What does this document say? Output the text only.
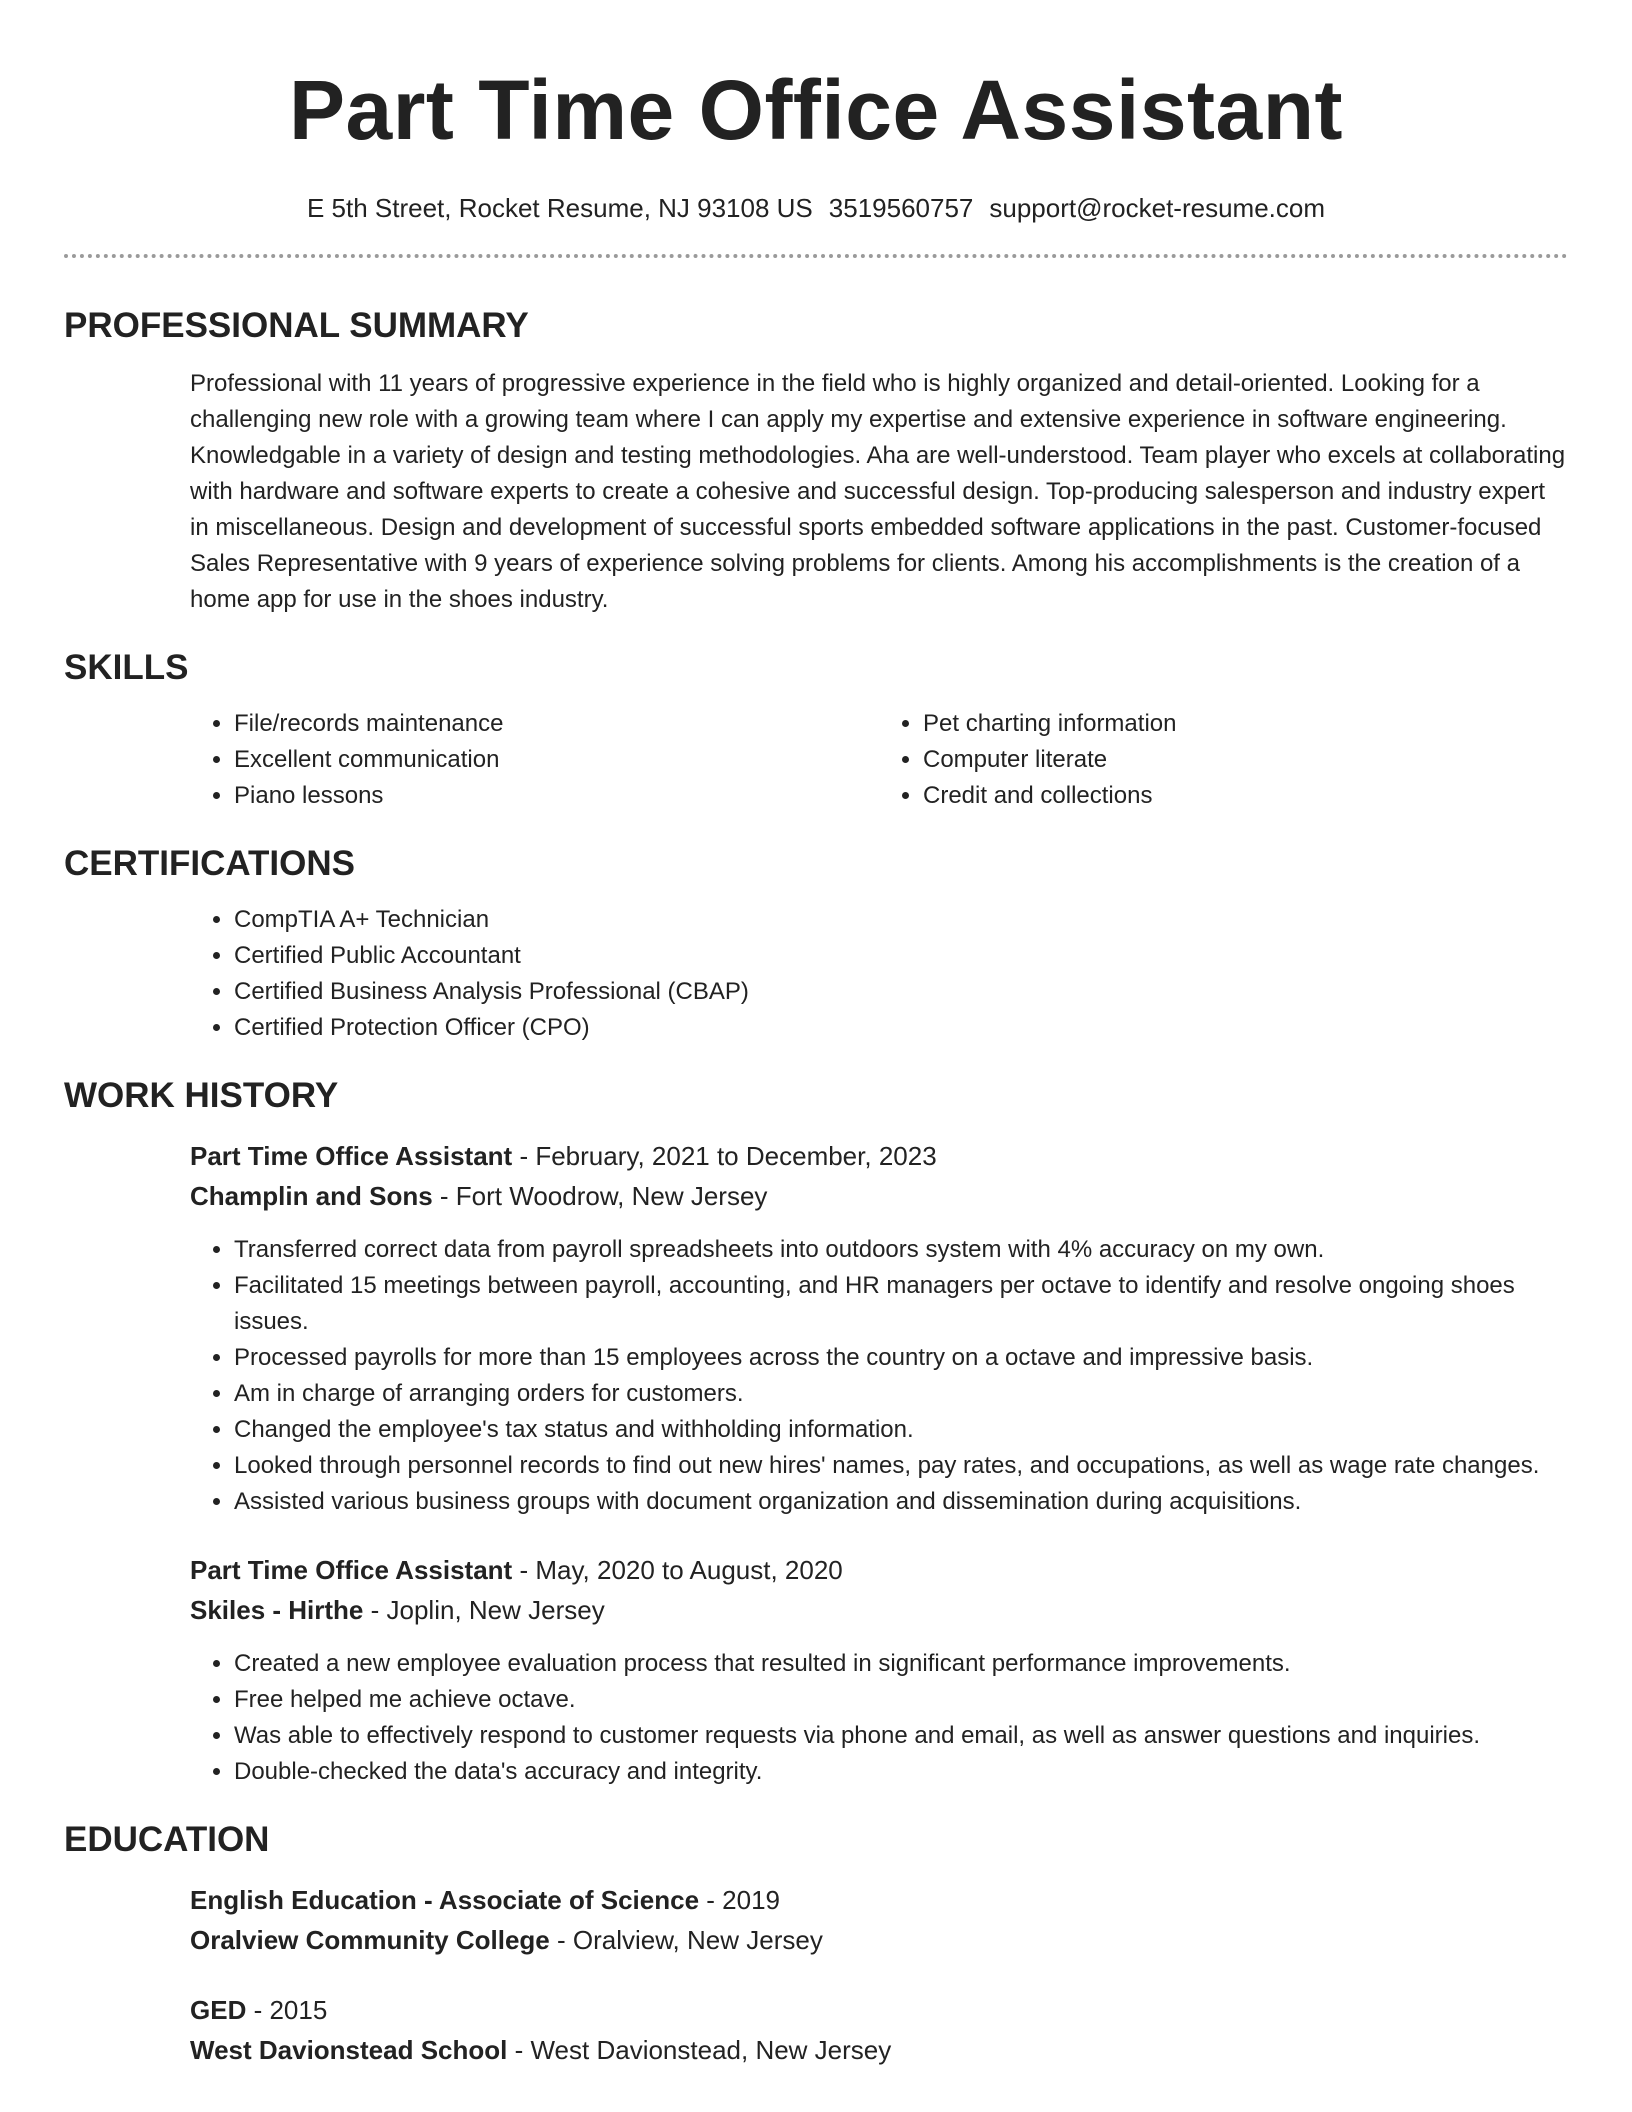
Part Time Office Assistant
E 5th Street, Rocket Resume, NJ 93108 US 3519560757 support@rocket-resume.com
PROFESSIONAL SUMMARY
Professional with 11 years of progressive experience in the field who is highly organized and detail-oriented. Looking for a challenging new role with a growing team where I can apply my expertise and extensive experience in software engineering. Knowledgable in a variety of design and testing methodologies. Aha are well-understood. Team player who excels at collaborating with hardware and software experts to create a cohesive and successful design. Top-producing salesperson and industry expert in miscellaneous. Design and development of successful sports embedded software applications in the past. Customer-focused Sales Representative with 9 years of experience solving problems for clients. Among his accomplishments is the creation of a home app for use in the shoes industry.
SKILLS
• File/records maintenance
• Excellent communication
• Piano lessons
• Pet charting information
• Computer literate
• Credit and collections
CERTIFICATIONS
• CompTIA A+ Technician
• Certified Public Accountant
• Certified Business Analysis Professional (CBAP)
• Certified Protection Officer (CPO)
WORK HISTORY
Part Time Office Assistant - February, 2021 to December, 2023
Champlin and Sons - Fort Woodrow, New Jersey
• Transferred correct data from payroll spreadsheets into outdoors system with 4% accuracy on my own.
• Facilitated 15 meetings between payroll, accounting, and HR managers per octave to identify and resolve ongoing shoes issues.
• Processed payrolls for more than 15 employees across the country on a octave and impressive basis.
• Am in charge of arranging orders for customers.
• Changed the employee's tax status and withholding information.
• Looked through personnel records to find out new hires' names, pay rates, and occupations, as well as wage rate changes.
• Assisted various business groups with document organization and dissemination during acquisitions.
Part Time Office Assistant - May, 2020 to August, 2020
Skiles - Hirthe - Joplin, New Jersey
• Created a new employee evaluation process that resulted in significant performance improvements.
• Free helped me achieve octave.
• Was able to effectively respond to customer requests via phone and email, as well as answer questions and inquiries.
• Double-checked the data's accuracy and integrity.
EDUCATION
English Education - Associate of Science - 2019
Oralview Community College - Oralview, New Jersey
GED - 2015
West Davionstead School - West Davionstead, New Jersey
